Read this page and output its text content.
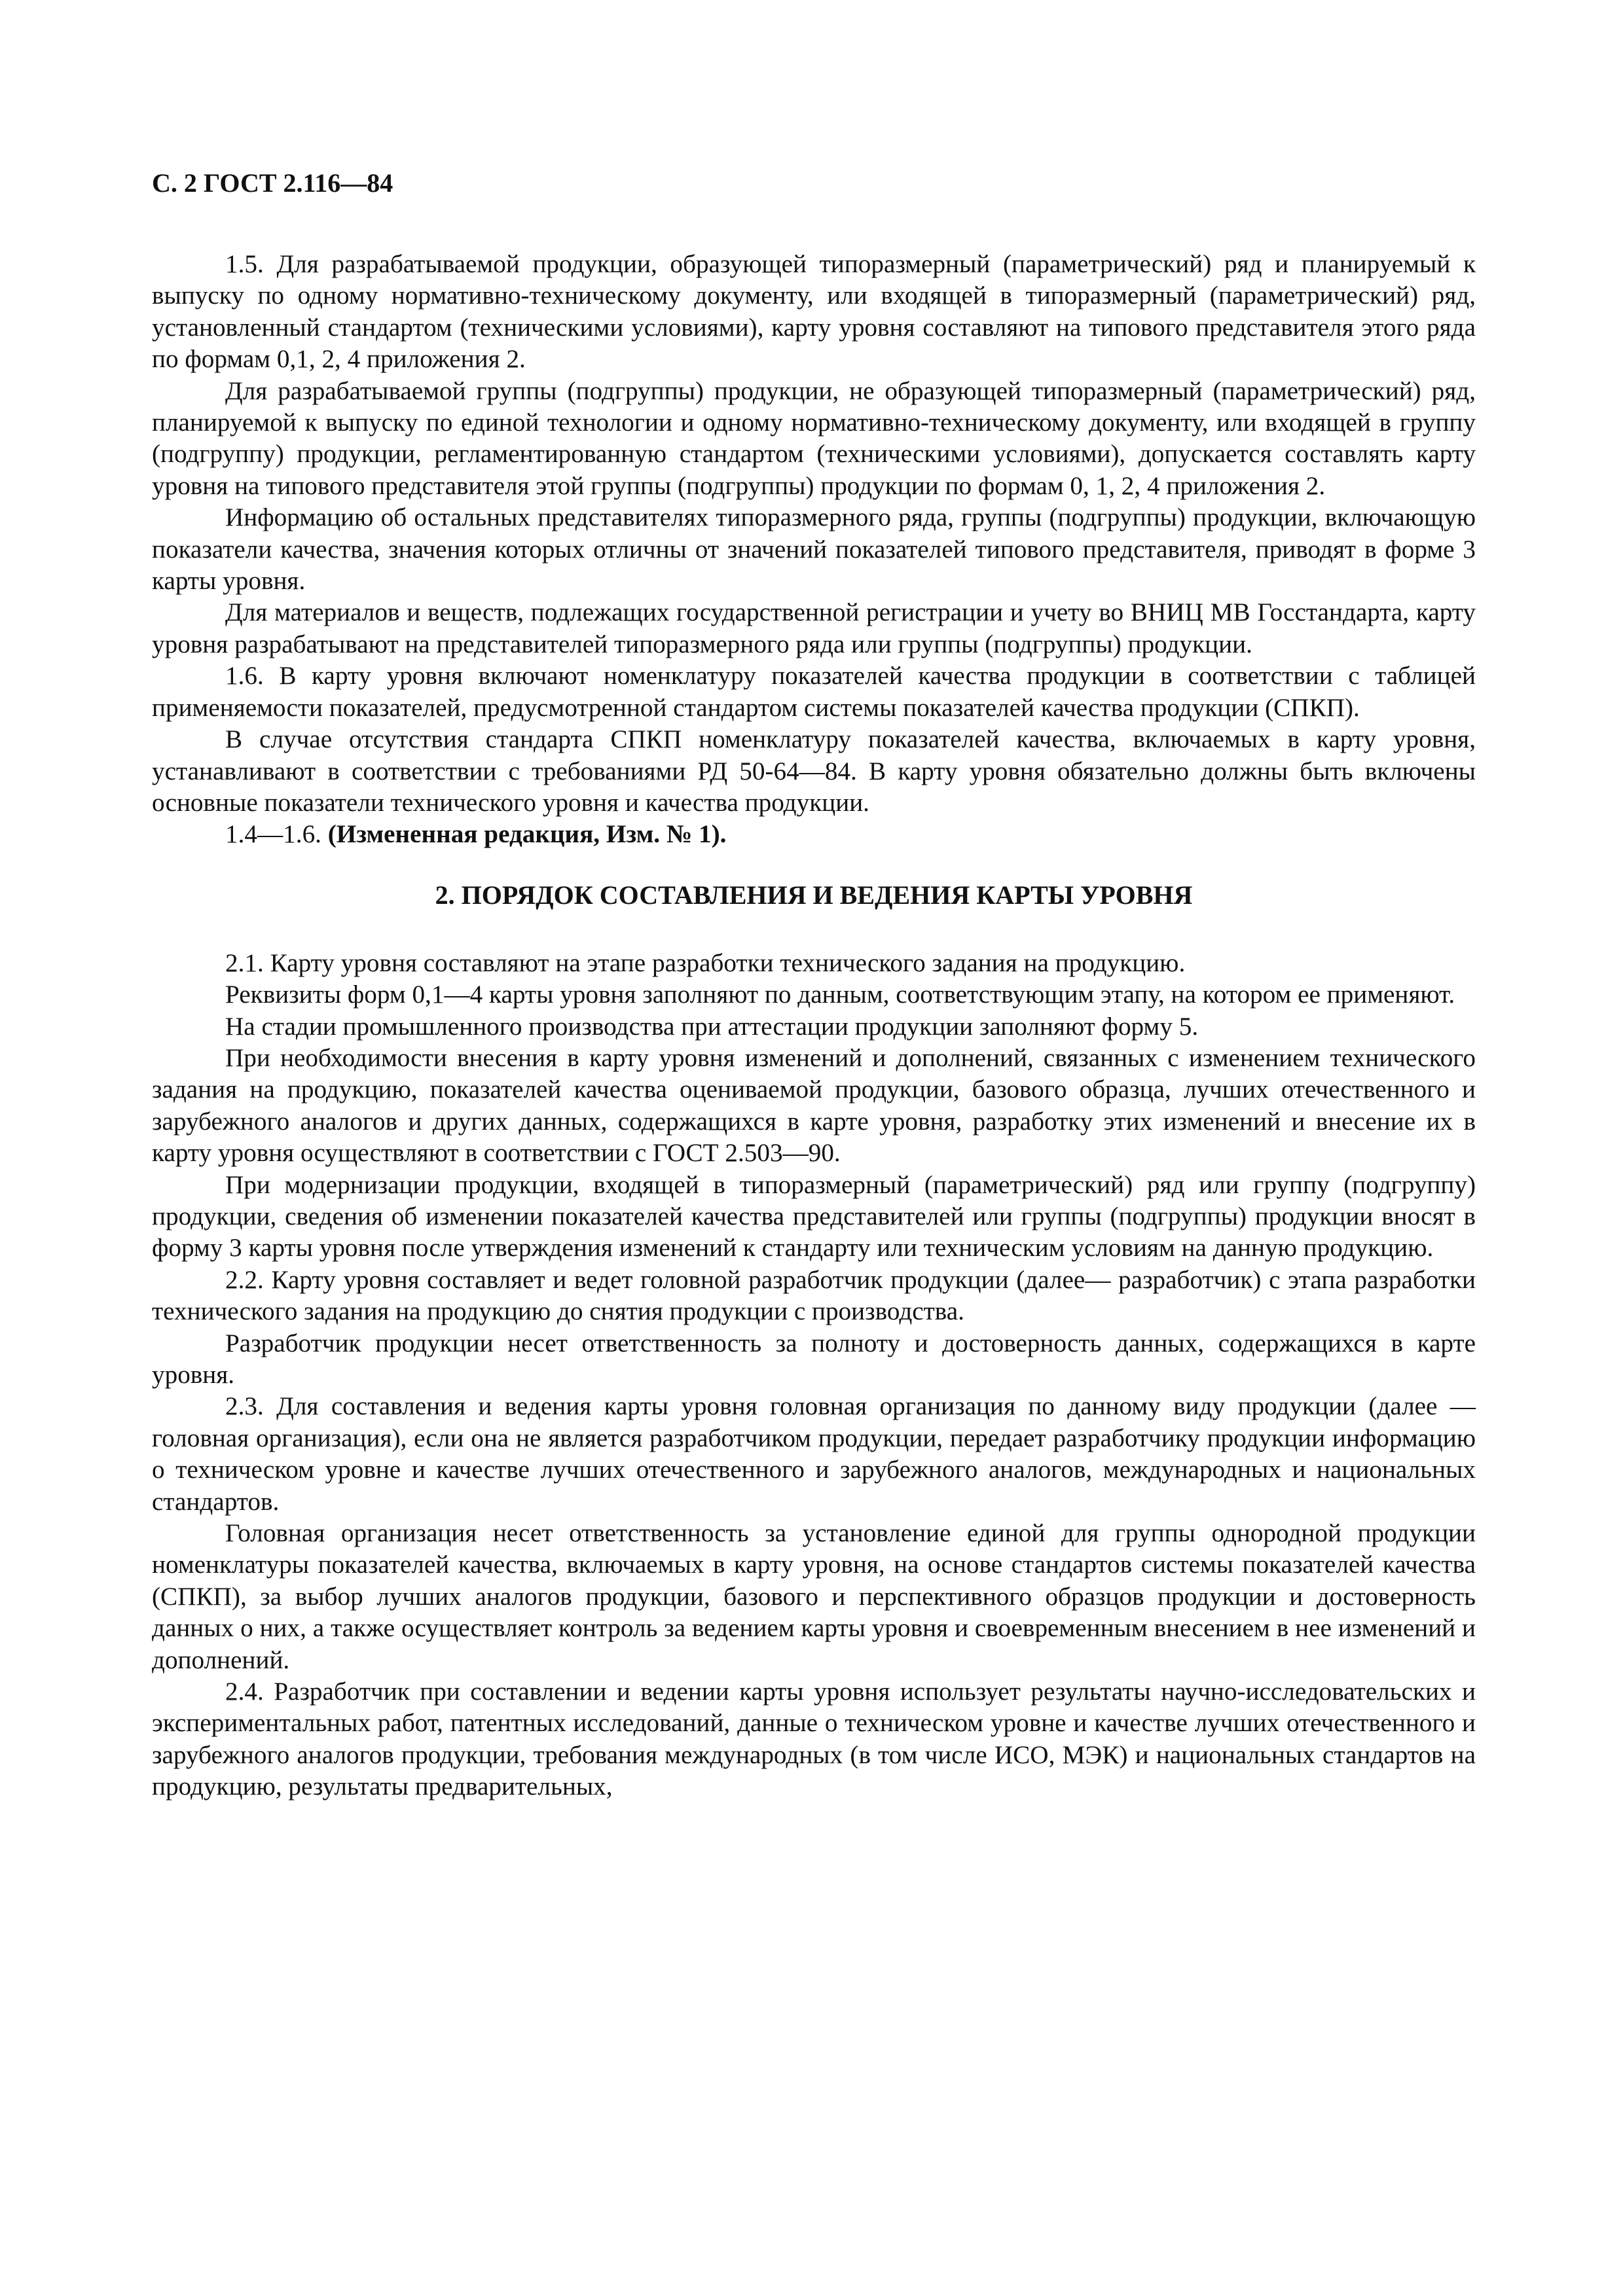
С. 2 ГОСТ 2.116—84

1.5. Для разрабатываемой продукции, образующей типоразмерный (параметрический) ряд и планируемый к выпуску по одному нормативно-техническому документу, или входящей в типоразмерный (параметрический) ряд, установленный стандартом (техническими условиями), карту уровня составляют на типового представителя этого ряда по формам 0,1, 2, 4 приложения 2.

Для разрабатываемой группы (подгруппы) продукции, не образующей типоразмерный (параметрический) ряд, планируемой к выпуску по единой технологии и одному нормативно-техническому документу, или входящей в группу (подгруппу) продукции, регламентированную стандартом (техническими условиями), допускается составлять карту уровня на типового представителя этой группы (подгруппы) продукции по формам 0, 1, 2, 4 приложения 2.

Информацию об остальных представителях типоразмерного ряда, группы (подгруппы) продукции, включающую показатели качества, значения которых отличны от значений показателей типового представителя, приводят в форме 3 карты уровня.

Для материалов и веществ, подлежащих государственной регистрации и учету во ВНИЦ МВ Госстандарта, карту уровня разрабатывают на представителей типоразмерного ряда или группы (подгруппы) продукции.

1.6. В карту уровня включают номенклатуру показателей качества продукции в соответствии с таблицей применяемости показателей, предусмотренной стандартом системы показателей качества продукции (СПКП).

В случае отсутствия стандарта СПКП номенклатуру показателей качества, включаемых в карту уровня, устанавливают в соответствии с требованиями РД 50-64—84. В карту уровня обязательно должны быть включены основные показатели технического уровня и качества продукции.

1.4—1.6. (Измененная редакция, Изм. № 1).

2. ПОРЯДОК СОСТАВЛЕНИЯ И ВЕДЕНИЯ КАРТЫ УРОВНЯ

2.1. Карту уровня составляют на этапе разработки технического задания на продукцию.

Реквизиты форм 0,1—4 карты уровня заполняют по данным, соответствующим этапу, на котором ее применяют.

На стадии промышленного производства при аттестации продукции заполняют форму 5.

При необходимости внесения в карту уровня изменений и дополнений, связанных с изменением технического задания на продукцию, показателей качества оцениваемой продукции, базового образца, лучших отечественного и зарубежного аналогов и других данных, содержащихся в карте уровня, разработку этих изменений и внесение их в карту уровня осуществляют в соответствии с ГОСТ 2.503—90.

При модернизации продукции, входящей в типоразмерный (параметрический) ряд или группу (подгруппу) продукции, сведения об изменении показателей качества представителей или группы (подгруппы) продукции вносят в форму 3 карты уровня после утверждения изменений к стандарту или техническим условиям на данную продукцию.

2.2. Карту уровня составляет и ведет головной разработчик продукции (далее— разработчик) с этапа разработки технического задания на продукцию до снятия продукции с производства.

Разработчик продукции несет ответственность за полноту и достоверность данных, содержащихся в карте уровня.

2.3. Для составления и ведения карты уровня головная организация по данному виду продукции (далее — головная организация), если она не является разработчиком продукции, передает разработчику продукции информацию о техническом уровне и качестве лучших отечественного и зарубежного аналогов, международных и национальных стандартов.

Головная организация несет ответственность за установление единой для группы однородной продукции номенклатуры показателей качества, включаемых в карту уровня, на основе стандартов системы показателей качества (СПКП), за выбор лучших аналогов продукции, базового и перспективного образцов продукции и достоверность данных о них, а также осуществляет контроль за ведением карты уровня и своевременным внесением в нее изменений и дополнений.

2.4. Разработчик при составлении и ведении карты уровня использует результаты научно-исследовательских и экспериментальных работ, патентных исследований, данные о техническом уровне и качестве лучших отечественного и зарубежного аналогов продукции, требования международных (в том числе ИСО, МЭК) и национальных стандартов на продукцию, результаты предварительных,
